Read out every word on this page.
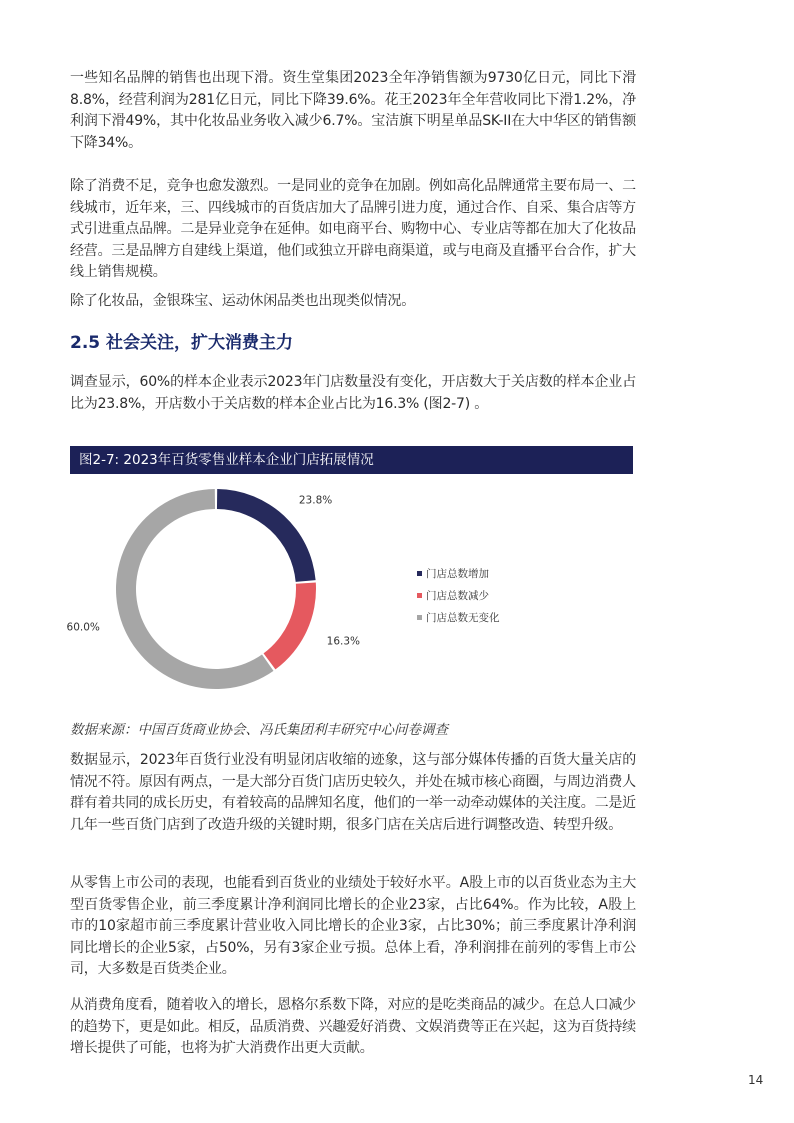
一些知名品牌的销售也出现下滑。资生堂集团2023全年净销售额为9730亿日元，同比下滑8.8%，经营利润为281亿日元，同比下降39.6%。花王2023年全年营收同比下滑1.2%，净利润下滑49%，其中化妆品业务收入减少6.7%。宝洁旗下明星单品SK-II在大中华区的销售额下降34%。

除了消费不足，竞争也愈发激烈。一是同业的竞争在加剧。例如高化品牌通常主要布局一、二线城市，近年来，三、四线城市的百货店加大了品牌引进力度，通过合作、自采、集合店等方式引进重点品牌。二是异业竞争在延伸。如电商平台、购物中心、专业店等都在加大了化妆品经营。三是品牌方自建线上渠道，他们或独立开辟电商渠道，或与电商及直播平台合作，扩大线上销售规模。

除了化妆品，金银珠宝、运动休闲品类也出现类似情况。

2.5 社会关注，扩大消费主力

调查显示，60%的样本企业表示2023年门店数量没有变化，开店数大于关店数的样本企业占比为23.8%，开店数小于关店数的样本企业占比为16.3% (图2-7) 。

图2-7: 2023年百货零售业样本企业门店拓展情况
23.8%
16.3%
60.0%
门店总数增加
门店总数减少
门店总数无变化
数据来源：中国百货商业协会、冯氏集团利丰研究中心问卷调查

数据显示，2023年百货行业没有明显闭店收缩的迹象，这与部分媒体传播的百货大量关店的情况不符。原因有两点，一是大部分百货门店历史较久，并处在城市核心商圈，与周边消费人群有着共同的成长历史，有着较高的品牌知名度，他们的一举一动牵动媒体的关注度。二是近几年一些百货门店到了改造升级的关键时期，很多门店在关店后进行调整改造、转型升级。

从零售上市公司的表现，也能看到百货业的业绩处于较好水平。A股上市的以百货业态为主大型百货零售企业，前三季度累计净利润同比增长的企业23家，占比64%。作为比较，A股上市的10家超市前三季度累计营业收入同比增长的企业3家，占比30%；前三季度累计净利润同比增长的企业5家，占50%，另有3家企业亏损。总体上看，净利润排在前列的零售上市公司，大多数是百货类企业。

从消费角度看，随着收入的增长，恩格尔系数下降，对应的是吃类商品的减少。在总人口减少的趋势下，更是如此。相反，品质消费、兴趣爱好消费、文娱消费等正在兴起，这为百货持续增长提供了可能，也将为扩大消费作出更大贡献。

14
